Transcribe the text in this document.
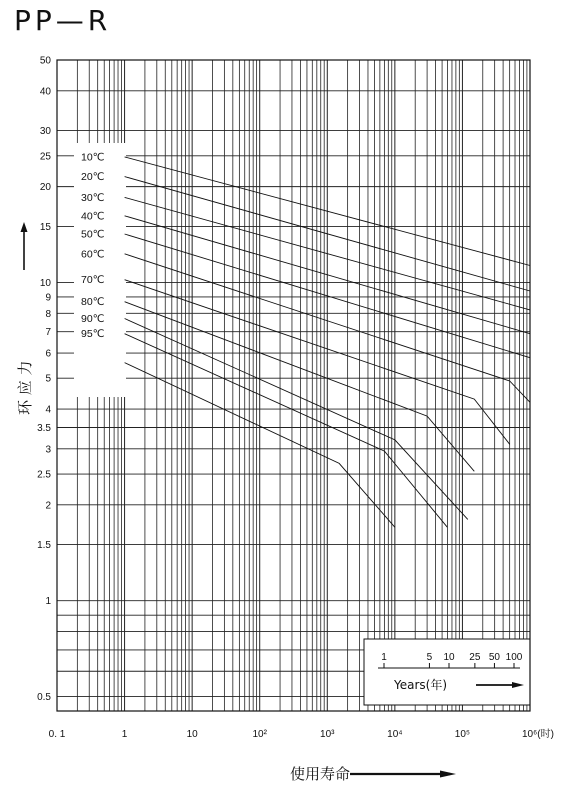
PP—R
0.5
1
1.5
2
2.5
3
3.5
4
5
6
7
8
9
10
15
20
25
30
40
50
0. 1	1	10	10²	10³	10⁴	10⁵	10⁶(时)
10℃
20℃
30℃
40℃
50℃
60℃
70℃
80℃
90℃
95℃
1	5 10 25 50 100
Years(年)
环 应 力
使用寿命
